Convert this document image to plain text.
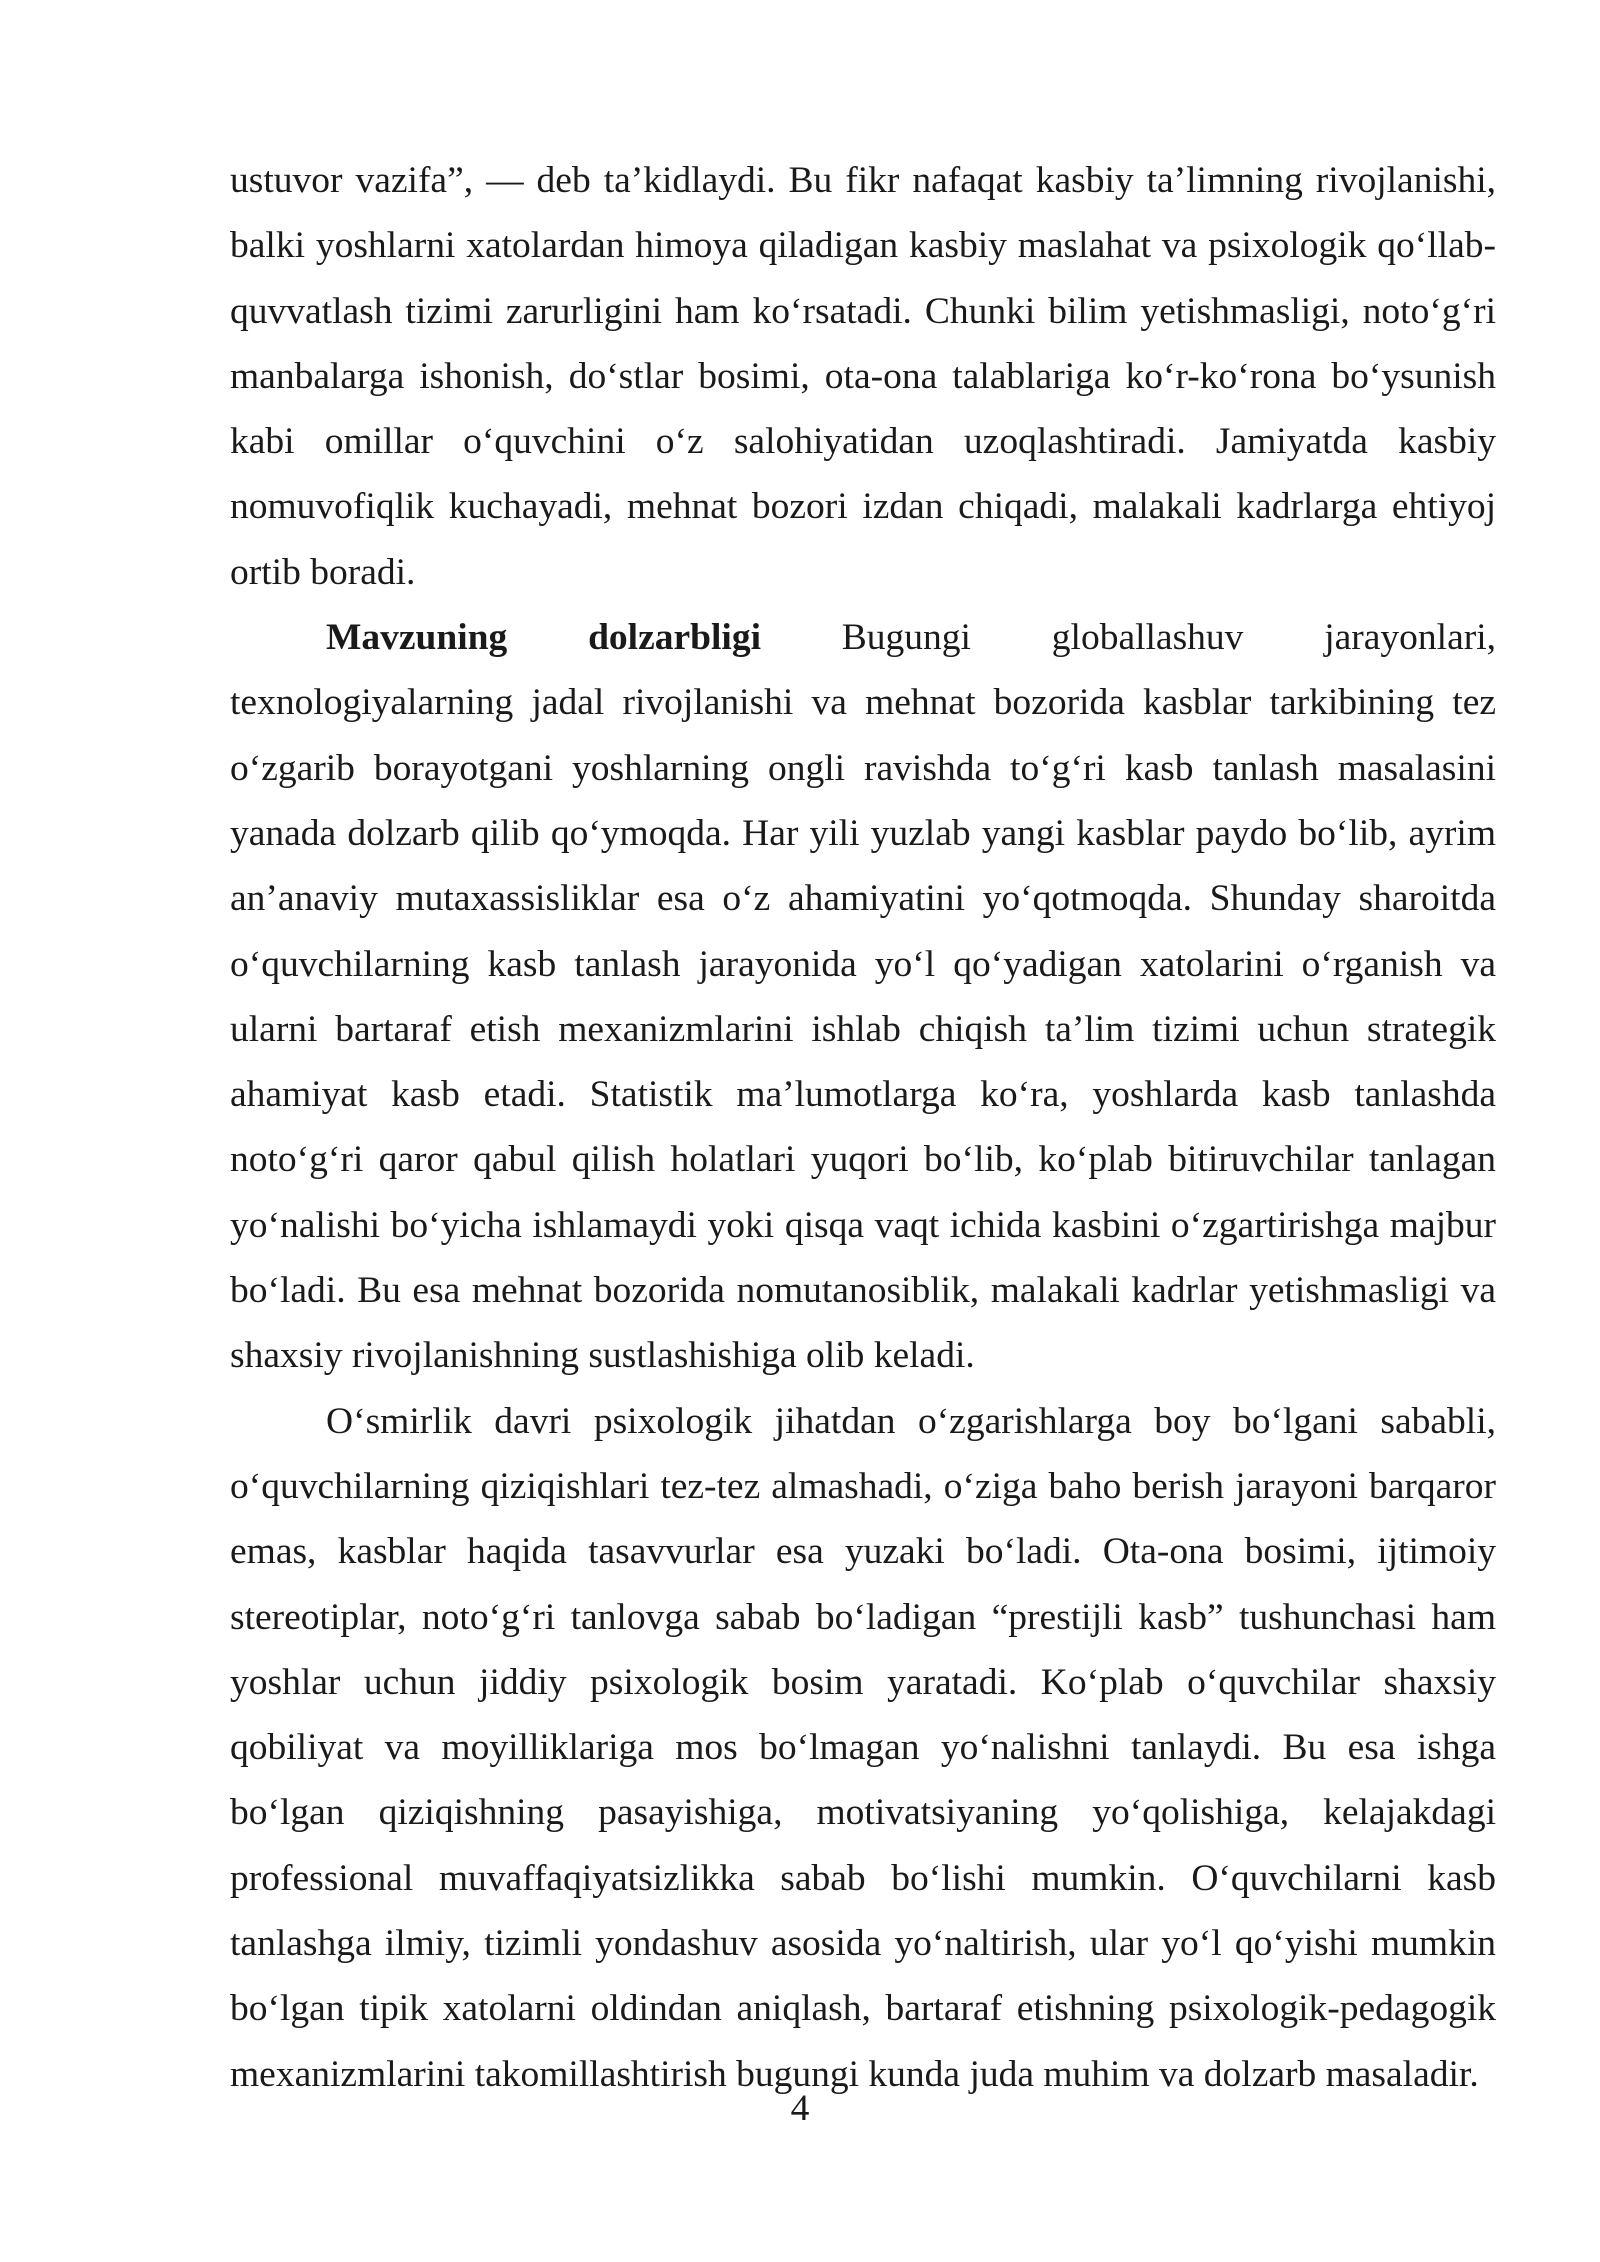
ustuvor vazifa”, — deb ta’kidlaydi. Bu fikr nafaqat kasbiy ta’limning rivojlanishi, balki yoshlarni xatolardan himoya qiladigan kasbiy maslahat va psixologik qo‘llab-quvvatlash tizimi zarurligini ham ko‘rsatadi. Chunki bilim yetishmasligi, noto‘g‘ri manbalarga ishonish, do‘stlar bosimi, ota-ona talablariga ko‘r-ko‘rona bo‘ysunish kabi omillar o‘quvchini o‘z salohiyatidan uzoqlashtiradi. Jamiyatda kasbiy nomuvofiqlik kuchayadi, mehnat bozori izdan chiqadi, malakali kadrlarga ehtiyoj ortib boradi.

Mavzuning dolzarbligi Bugungi globallashuv jarayonlari, texnologiyalarning jadal rivojlanishi va mehnat bozorida kasblar tarkibining tez o‘zgarib borayotgani yoshlarning ongli ravishda to‘g‘ri kasb tanlash masalasini yanada dolzarb qilib qo‘ymoqda. Har yili yuzlab yangi kasblar paydo bo‘lib, ayrim an’anaviy mutaxassisliklar esa o‘z ahamiyatini yo‘qotmoqda. Shunday sharoitda o‘quvchilarning kasb tanlash jarayonida yo‘l qo‘yadigan xatolarini o‘rganish va ularni bartaraf etish mexanizmlarini ishlab chiqish ta’lim tizimi uchun strategik ahamiyat kasb etadi. Statistik ma’lumotlarga ko‘ra, yoshlarda kasb tanlashda noto‘g‘ri qaror qabul qilish holatlari yuqori bo‘lib, ko‘plab bitiruvchilar tanlagan yo‘nalishi bo‘yicha ishlamaydi yoki qisqa vaqt ichida kasbini o‘zgartirishga majbur bo‘ladi. Bu esa mehnat bozorida nomutanosiblik, malakali kadrlar yetishmasligi va shaxsiy rivojlanishning sustlashishiga olib keladi.

O‘smirlik davri psixologik jihatdan o‘zgarishlarga boy bo‘lgani sababli, o‘quvchilarning qiziqishlari tez-tez almashadi, o‘ziga baho berish jarayoni barqaror emas, kasblar haqida tasavvurlar esa yuzaki bo‘ladi. Ota-ona bosimi, ijtimoiy stereotiplar, noto‘g‘ri tanlovga sabab bo‘ladigan “prestijli kasb” tushunchasi ham yoshlar uchun jiddiy psixologik bosim yaratadi. Ko‘plab o‘quvchilar shaxsiy qobiliyat va moyilliklariga mos bo‘lmagan yo‘nalishni tanlaydi. Bu esa ishga bo‘lgan qiziqishning pasayishiga, motivatsiyaning yo‘qolishiga, kelajakdagi professional muvaffaqiyatsizlikka sabab bo‘lishi mumkin. O‘quvchilarni kasb tanlashga ilmiy, tizimli yondashuv asosida yo‘naltirish, ular yo‘l qo‘yishi mumkin bo‘lgan tipik xatolarni oldindan aniqlash, bartaraf etishning psixologik-pedagogik mexanizmlarini takomillashtirish bugungi kunda juda muhim va dolzarb masaladir.

4
